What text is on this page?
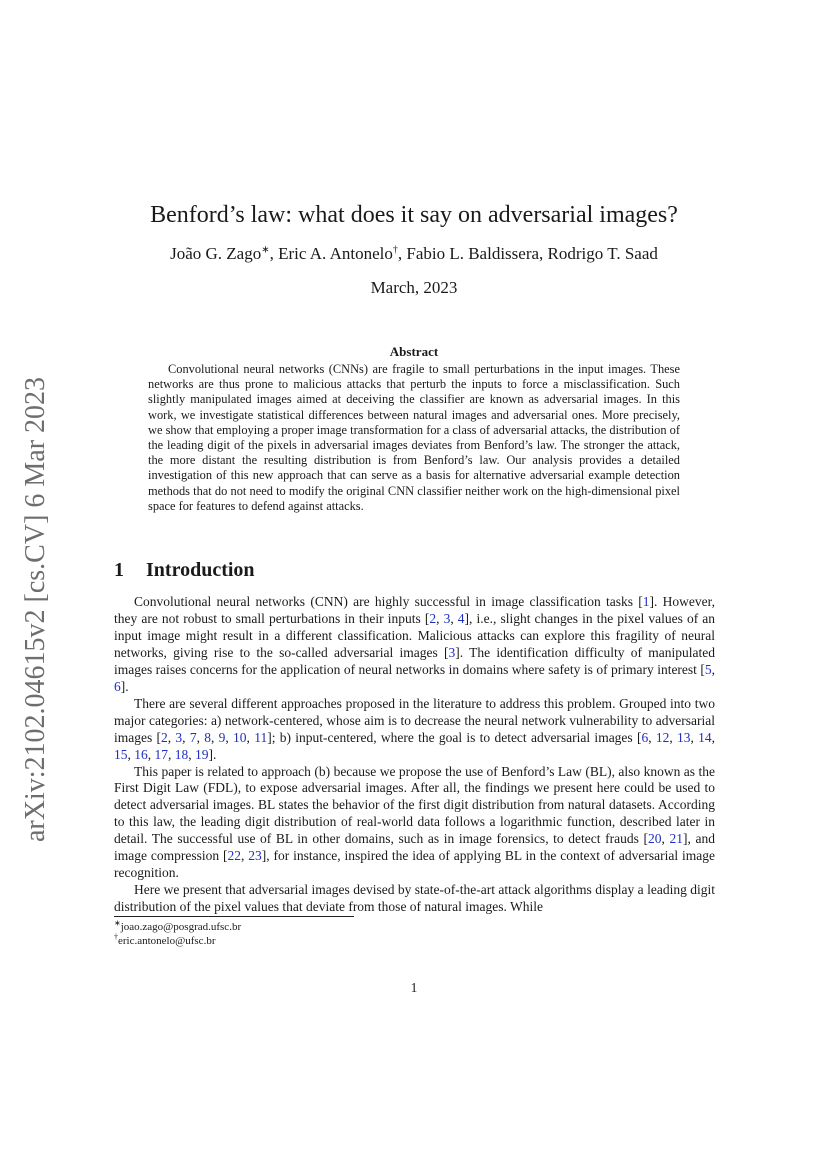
arXiv:2102.04615v2 [cs.CV] 6 Mar 2023
Benford’s law: what does it say on adversarial images?
João G. Zago∗, Eric A. Antonelo†, Fabio L. Baldissera, Rodrigo T. Saad
March, 2023
Abstract

Convolutional neural networks (CNNs) are fragile to small perturbations in the input images. These networks are thus prone to malicious attacks that perturb the inputs to force a misclassification. Such slightly manipulated images aimed at deceiving the classifier are known as adversarial images. In this work, we investigate statistical differences between natural images and adversarial ones. More precisely, we show that employing a proper image transformation for a class of adversarial attacks, the distribution of the leading digit of the pixels in adversarial images deviates from Benford’s law. The stronger the attack, the more distant the resulting distribution is from Benford’s law. Our analysis provides a detailed investigation of this new approach that can serve as a basis for alternative adversarial example detection methods that do not need to modify the original CNN classifier neither work on the high-dimensional pixel space for features to defend against attacks.

1 Introduction

Convolutional neural networks (CNN) are highly successful in image classification tasks [1]. However, they are not robust to small perturbations in their inputs [2, 3, 4], i.e., slight changes in the pixel values of an input image might result in a different classification. Malicious attacks can explore this fragility of neural networks, giving rise to the so-called adversarial images [3]. The identification difficulty of manipulated images raises concerns for the application of neural networks in domains where safety is of primary interest [5, 6].

There are several different approaches proposed in the literature to address this problem. Grouped into two major categories: a) network-centered, whose aim is to decrease the neural network vulnerability to adversarial images [2, 3, 7, 8, 9, 10, 11]; b) input-centered, where the goal is to detect adversarial images [6, 12, 13, 14, 15, 16, 17, 18, 19].

This paper is related to approach (b) because we propose the use of Benford’s Law (BL), also known as the First Digit Law (FDL), to expose adversarial images. After all, the findings we present here could be used to detect adversarial images. BL states the behavior of the first digit distribution from natural datasets. According to this law, the leading digit distribution of real-world data follows a logarithmic function, described later in detail. The successful use of BL in other domains, such as in image forensics, to detect frauds [20, 21], and image compression [22, 23], for instance, inspired the idea of applying BL in the context of adversarial image recognition.

Here we present that adversarial images devised by state-of-the-art attack algorithms display a leading digit distribution of the pixel values that deviate from those of natural images. While

∗joao.zago@posgrad.ufsc.br
†eric.antonelo@ufsc.br
1
